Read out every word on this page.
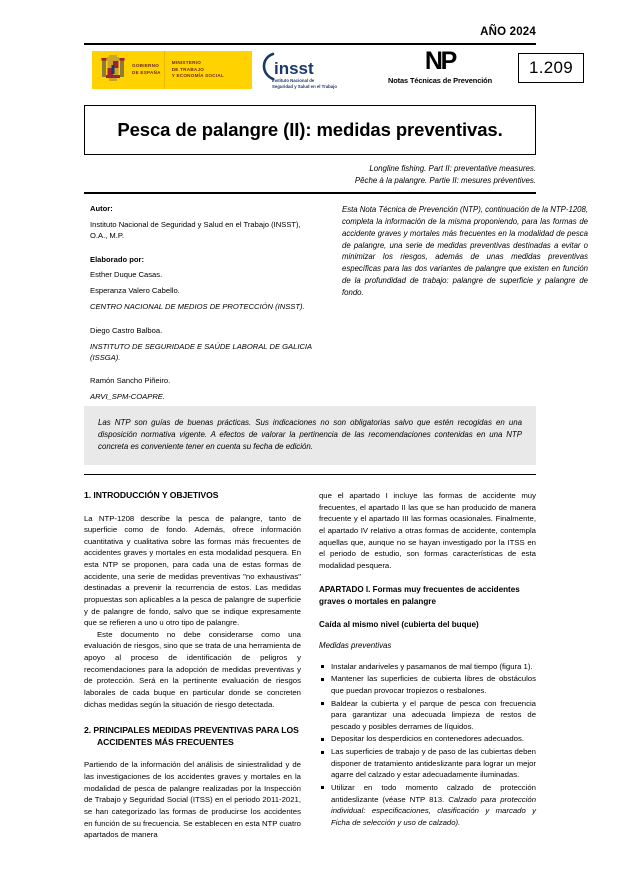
AÑO 2024
GOBIERNO
DE ESPAÑA
MINISTERIO
DE TRABAJO
Y ECONOMÍA SOCIAL	insst
Instituto Nacional de
Seguridad y Salud en el Trabajo
NP
Notas Técnicas de Prevención
1.209
Pesca de palangre (II): medidas preventivas.
Longline fishing. Part II: preventative measures.
Pêche à la palangre. Partie II: mesures préventives.
Autor:

Instituto Nacional de Seguridad y Salud en el Trabajo (INSST), O.A., M.P.

Elaborado por:

Esther Duque Casas.

Esperanza Valero Cabello.

CENTRO NACIONAL DE MEDIOS DE PROTECCIÓN (INSST).

Diego Castro Balboa.

INSTITUTO DE SEGURIDADE E SAÚDE LABORAL DE GALICIA (ISSGA).

Ramón Sancho Piñeiro.

ARVI_SPM-COAPRE.

Esta Nota Técnica de Prevención (NTP), continuación de la NTP-1208, completa la información de la misma proponiendo, para las formas de accidente graves y mortales más frecuentes en la modalidad de pesca de palangre, una serie de medidas preventivas destinadas a evitar o minimizar los riesgos, además de unas medidas preventivas específicas para las dos variantes de palangre que existen en función de la profundidad de trabajo: palangre de superficie y palangre de fondo.

Las NTP son guías de buenas prácticas. Sus indicaciones no son obligatorias salvo que estén recogidas en una disposición normativa vigente. A efectos de valorar la pertinencia de las recomendaciones contenidas en una NTP concreta es conveniente tener en cuenta su fecha de edición.

1. INTRODUCCIÓN Y OBJETIVOS

La NTP-1208 describe la pesca de palangre, tanto de superficie como de fondo. Además, ofrece información cuantitativa y cualitativa sobre las formas más frecuentes de accidentes graves y mortales en esta modalidad pesquera. En esta NTP se proponen, para cada una de estas formas de accidente, una serie de medidas preventivas "no exhaustivas" destinadas a prevenir la recurrencia de estos. Las medidas propuestas son aplicables a la pesca de palangre de superficie y de palangre de fondo, salvo que se indique expresamente que se refieren a uno u otro tipo de palangre.

Este documento no debe considerarse como una evaluación de riesgos, sino que se trata de una herramienta de apoyo al proceso de identificación de peligros y recomendaciones para la adopción de medidas preventivas y de protección. Será en la pertinente evaluación de riesgos laborales de cada buque en particular donde se concreten dichas medidas según la situación de riesgo detectada.

2. PRINCIPALES MEDIDAS PREVENTIVAS PARA LOS ACCIDENTES MÁS FRECUENTES

Partiendo de la información del análisis de siniestralidad y de las investigaciones de los accidentes graves y mortales en la modalidad de pesca de palangre realizadas por la Inspección de Trabajo y Seguridad Social (ITSS) en el periodo 2011-2021, se han categorizado las formas de producirse los accidentes en función de su frecuencia. Se establecen en esta NTP cuatro apartados de manera

que el apartado I incluye las formas de accidente muy frecuentes, el apartado II las que se han producido de manera frecuente y el apartado III las formas ocasionales. Finalmente, el apartado IV relativo a otras formas de accidente, contempla aquellas que, aunque no se hayan investigado por la ITSS en el periodo de estudio, son formas características de esta modalidad pesquera.

APARTADO I. Formas muy frecuentes de accidentes graves o mortales en palangre
Caída al mismo nivel (cubierta del buque)
Medidas preventivas
Instalar andariveles y pasamanos de mal tiempo (figura 1).
Mantener las superficies de cubierta libres de obstáculos que puedan provocar tropiezos o resbalones.
Baldear la cubierta y el parque de pesca con frecuencia para garantizar una adecuada limpieza de restos de pescado y posibles derrames de líquidos.
Depositar los desperdicios en contenedores adecuados.
Las superficies de trabajo y de paso de las cubiertas deben disponer de tratamiento antideslizante para lograr un mejor agarre del calzado y estar adecuadamente iluminadas.
Utilizar en todo momento calzado de protección antideslizante (véase NTP 813. Calzado para protección individual: especificaciones, clasificación y marcado y Ficha de selección y uso de calzado).
